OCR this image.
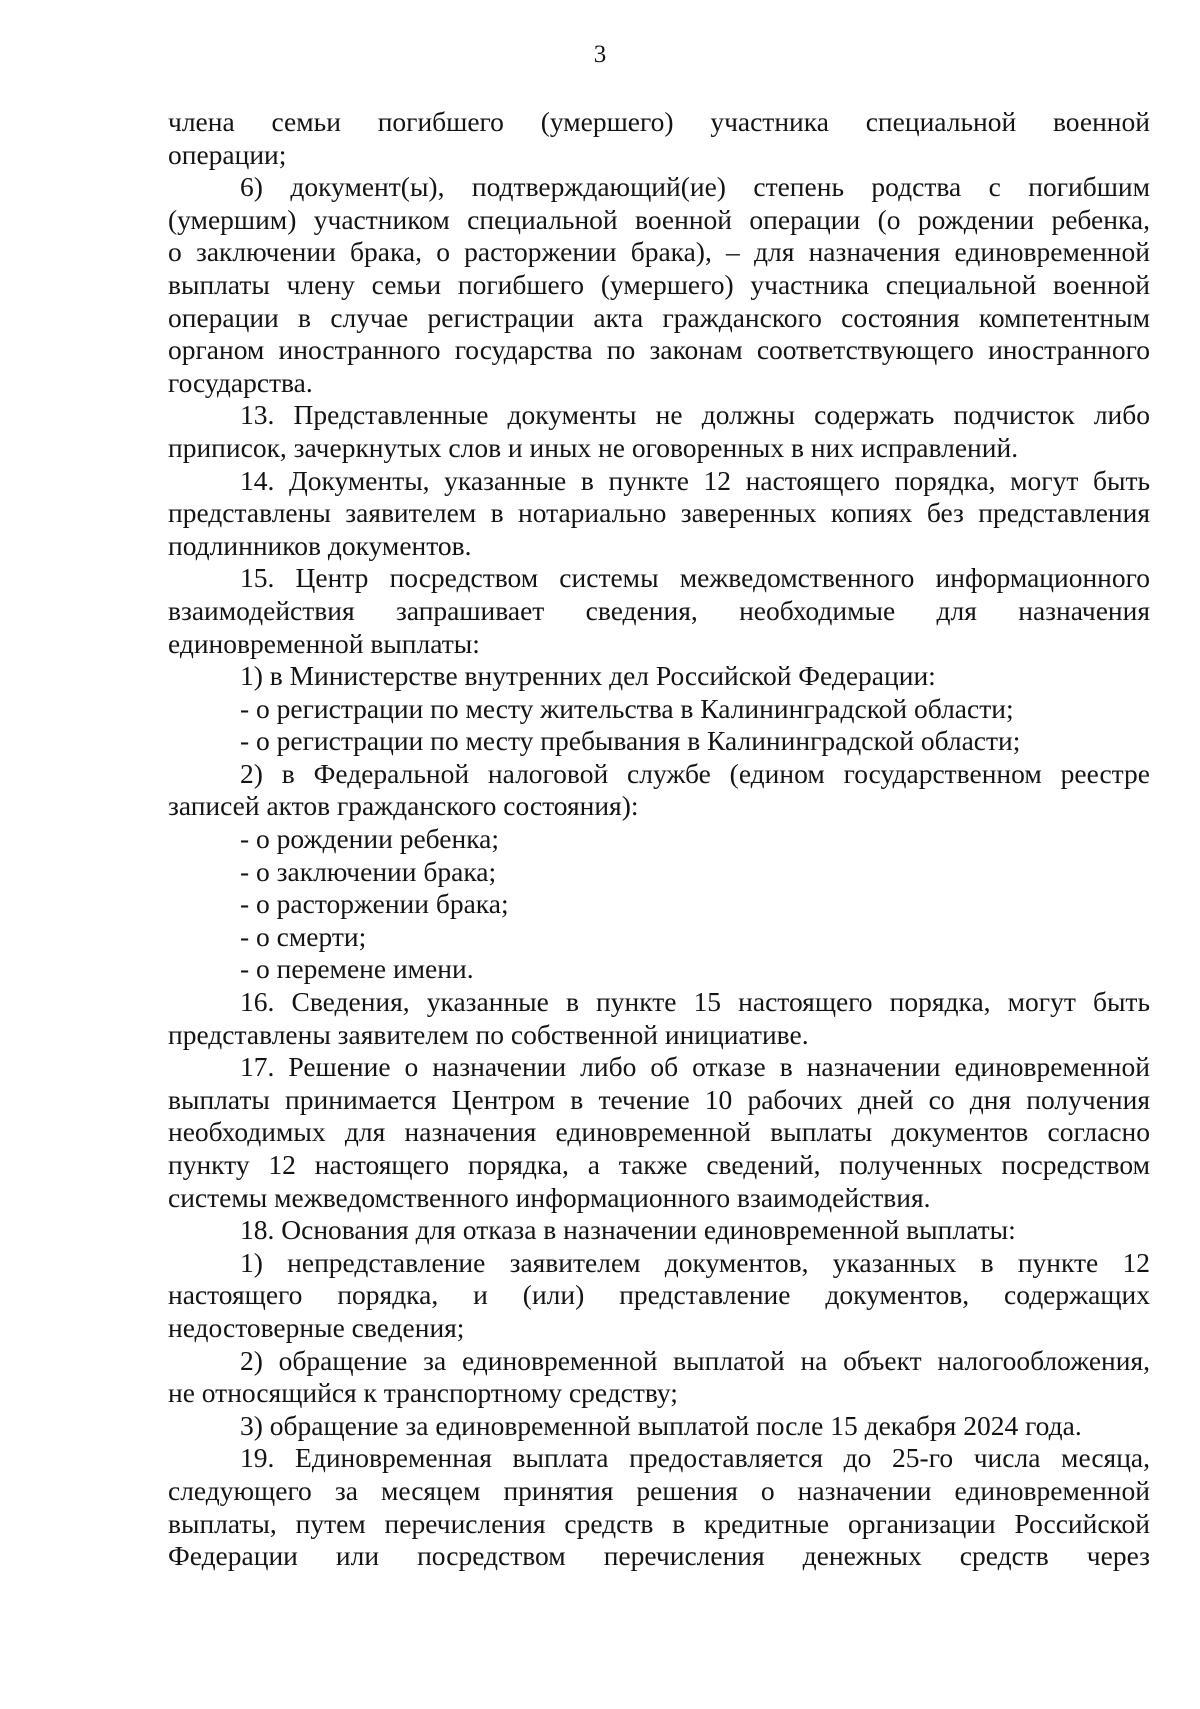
3

члена семьи погибшего (умершего) участника специальной военной
операции;

6) документ(ы), подтверждающий(ие) степень родства с погибшим
(умершим) участником специальной военной операции (о рождении ребенка,
о заключении брака, о расторжении брака), – для назначения единовременной
выплаты члену семьи погибшего (умершего) участника специальной военной
операции в случае регистрации акта гражданского состояния компетентным
органом иностранного государства по законам соответствующего иностранного
государства.

13. Представленные документы не должны содержать подчисток либо
приписок, зачеркнутых слов и иных не оговоренных в них исправлений.

14. Документы, указанные в пункте 12 настоящего порядка, могут быть
представлены заявителем в нотариально заверенных копиях без представления
подлинников документов.

15. Центр посредством системы межведомственного информационного
взаимодействия запрашивает сведения, необходимые для назначения
единовременной выплаты:

1) в Министерстве внутренних дел Российской Федерации:

- о регистрации по месту жительства в Калининградской области;

- о регистрации по месту пребывания в Калининградской области;

2) в Федеральной налоговой службе (едином государственном реестре
записей актов гражданского состояния):

- о рождении ребенка;

- о заключении брака;

- о расторжении брака;

- о смерти;

- о перемене имени.

16. Сведения, указанные в пункте 15 настоящего порядка, могут быть
представлены заявителем по собственной инициативе.

17. Решение о назначении либо об отказе в назначении единовременной
выплаты принимается Центром в течение 10 рабочих дней со дня получения
необходимых для назначения единовременной выплаты документов согласно
пункту 12 настоящего порядка, а также сведений, полученных посредством
системы межведомственного информационного взаимодействия.

18. Основания для отказа в назначении единовременной выплаты:

1) непредставление заявителем документов, указанных в пункте 12
настоящего порядка, и (или) представление документов, содержащих
недостоверные сведения;

2) обращение за единовременной выплатой на объект налогообложения,
не относящийся к транспортному средству;

3) обращение за единовременной выплатой после 15 декабря 2024 года.

19. Единовременная выплата предоставляется до 25-го числа месяца,
следующего за месяцем принятия решения о назначении единовременной
выплаты, путем перечисления средств в кредитные организации Российской
Федерации или посредством перечисления денежных средств через
